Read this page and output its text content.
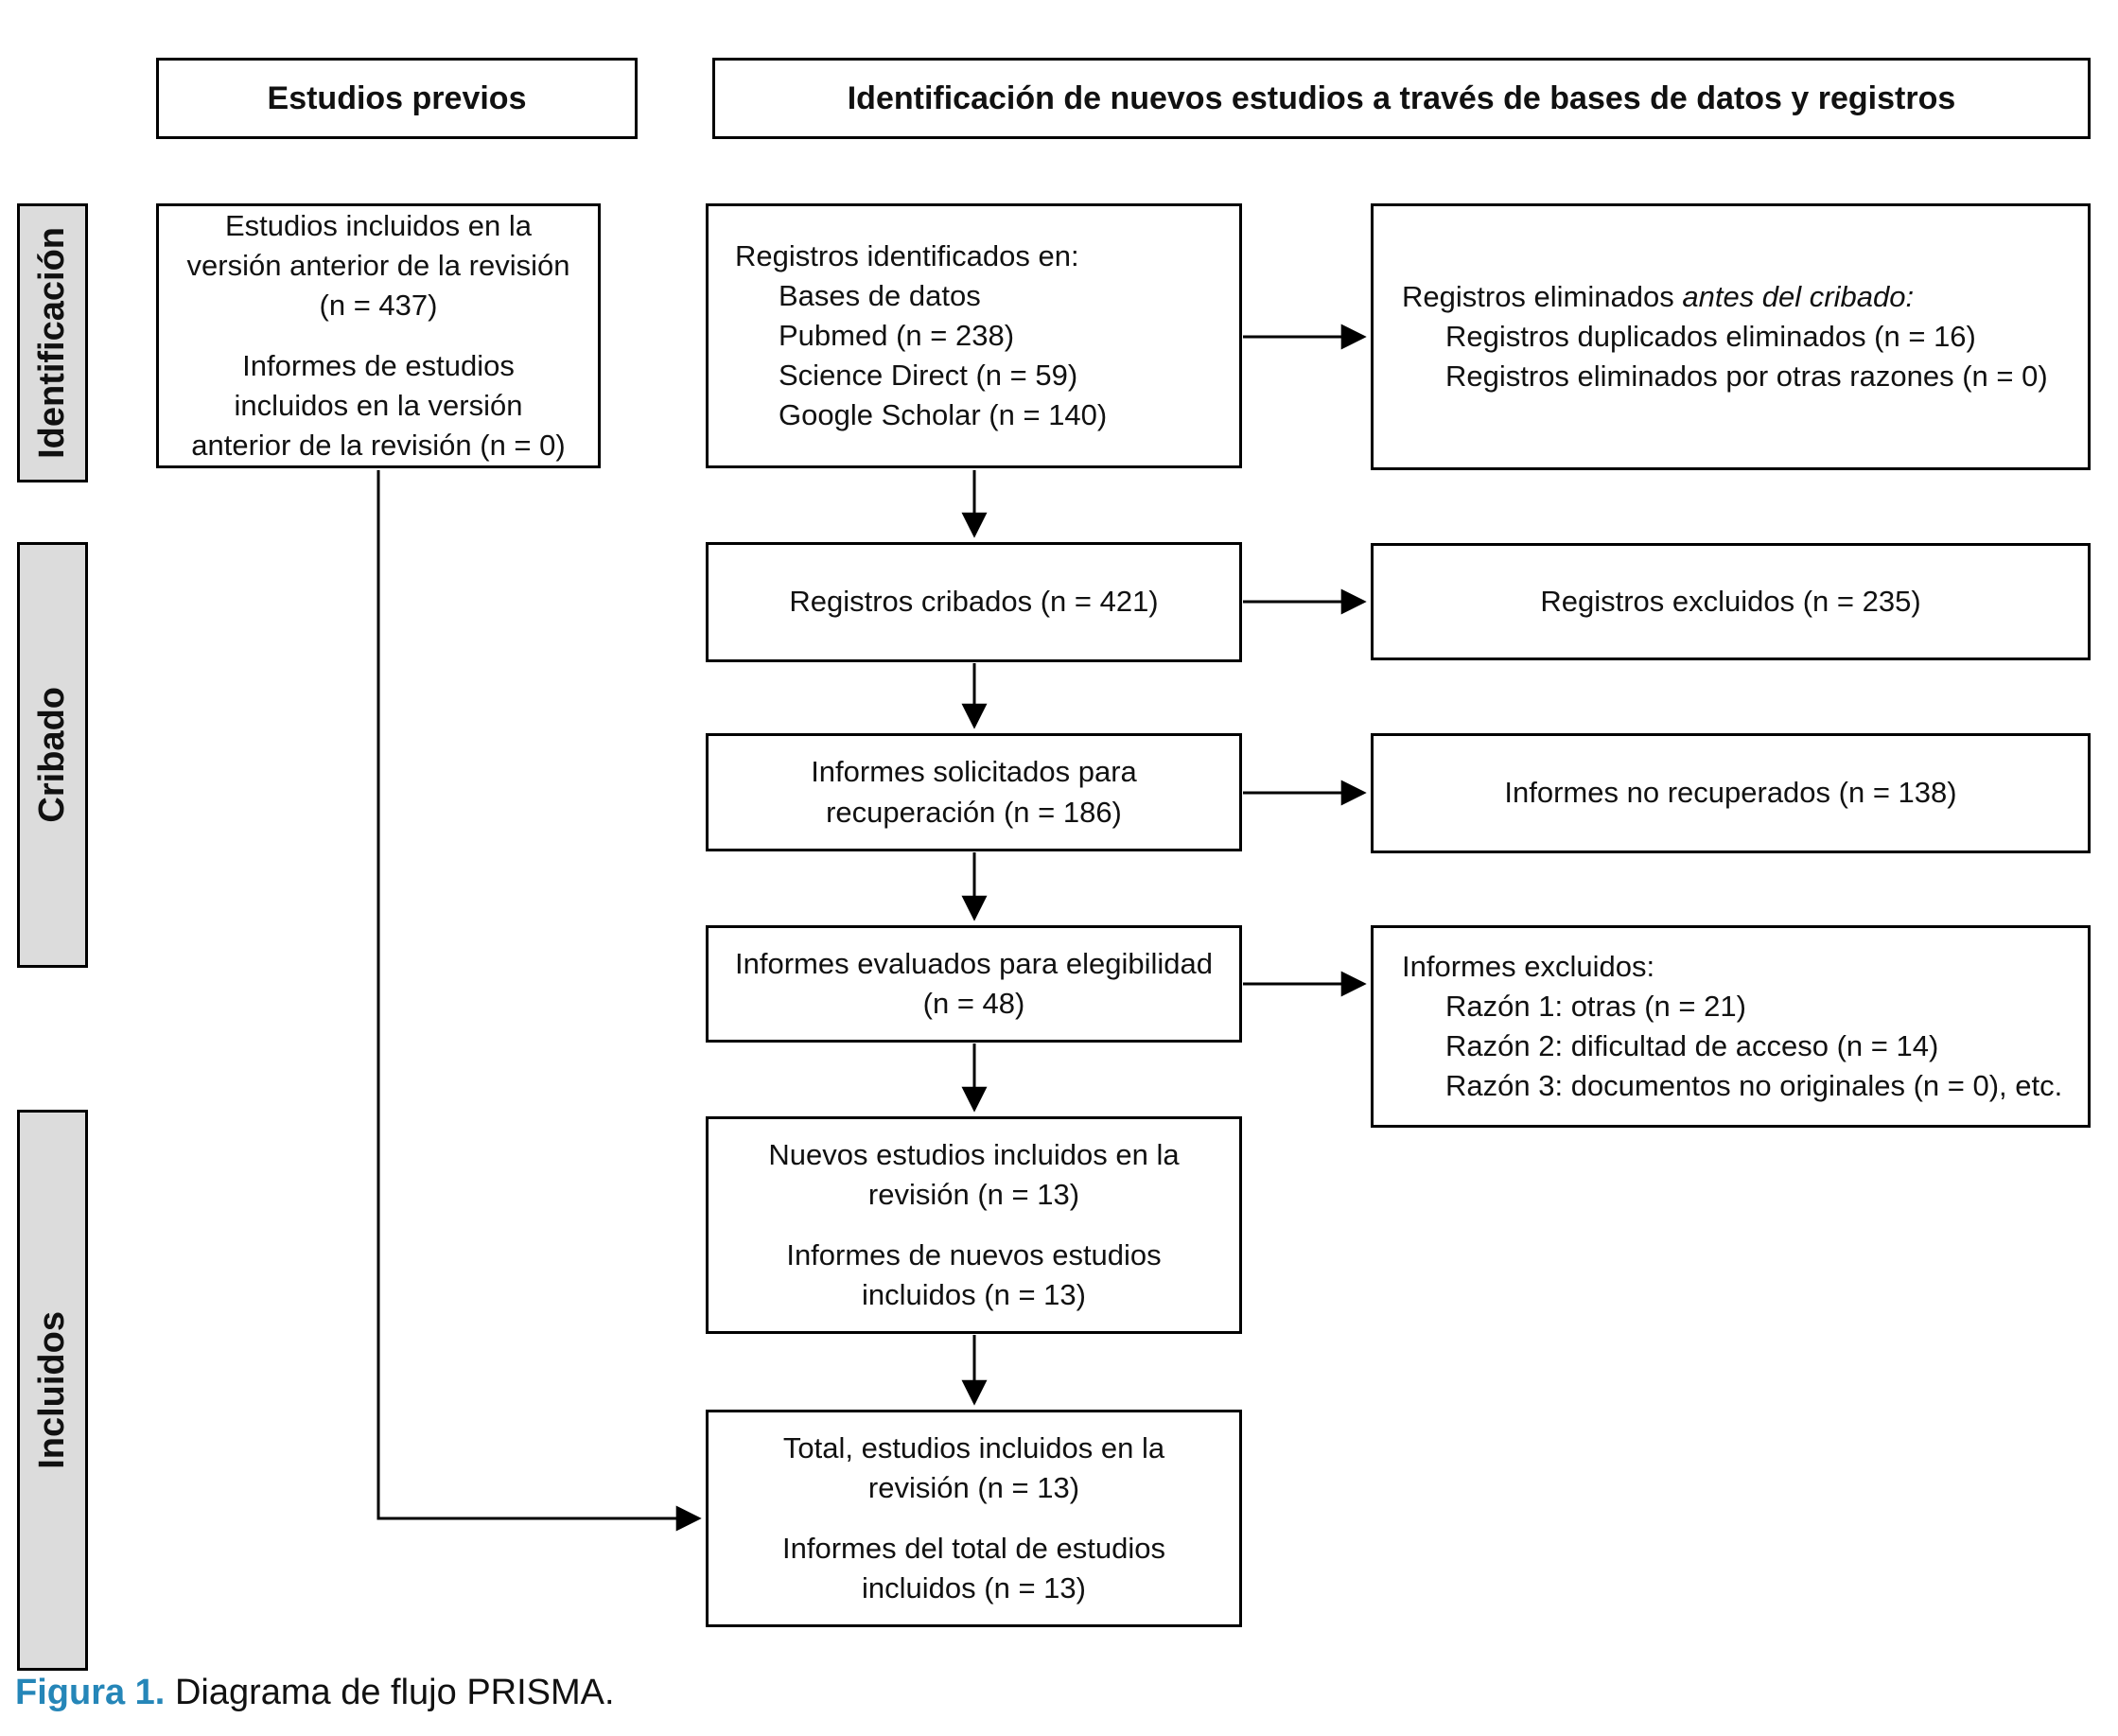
Estudios previos	Identificación de nuevos estudios a través de bases de datos y registros
Identificación
Cribado
Incluidos
Estudios incluidos en la versión anterior de la revisión (n = 437)
Informes de estudios incluidos en la versión anterior de la revisión (n = 0)
Registros identificados en:
Bases de datos
Pubmed (n = 238)
Science Direct (n = 59)
Google Scholar (n = 140)
Registros cribados (n = 421)
Informes solicitados para recuperación (n = 186)
Informes evaluados para elegibilidad (n = 48)
Nuevos estudios incluidos en la revisión (n = 13)
Informes de nuevos estudios incluidos (n = 13)
Total, estudios incluidos en la revisión (n = 13)
Informes del total de estudios incluidos (n = 13)
Registros eliminados antes del cribado:
Registros duplicados eliminados (n = 16)
Registros eliminados por otras razones (n = 0)
Registros excluidos (n = 235)
Informes no recuperados (n = 138)
Informes excluidos:
Razón 1: otras (n = 21)
Razón 2: dificultad de acceso (n = 14)
Razón 3: documentos no originales (n = 0), etc.
Figura 1. Diagrama de flujo PRISMA.
